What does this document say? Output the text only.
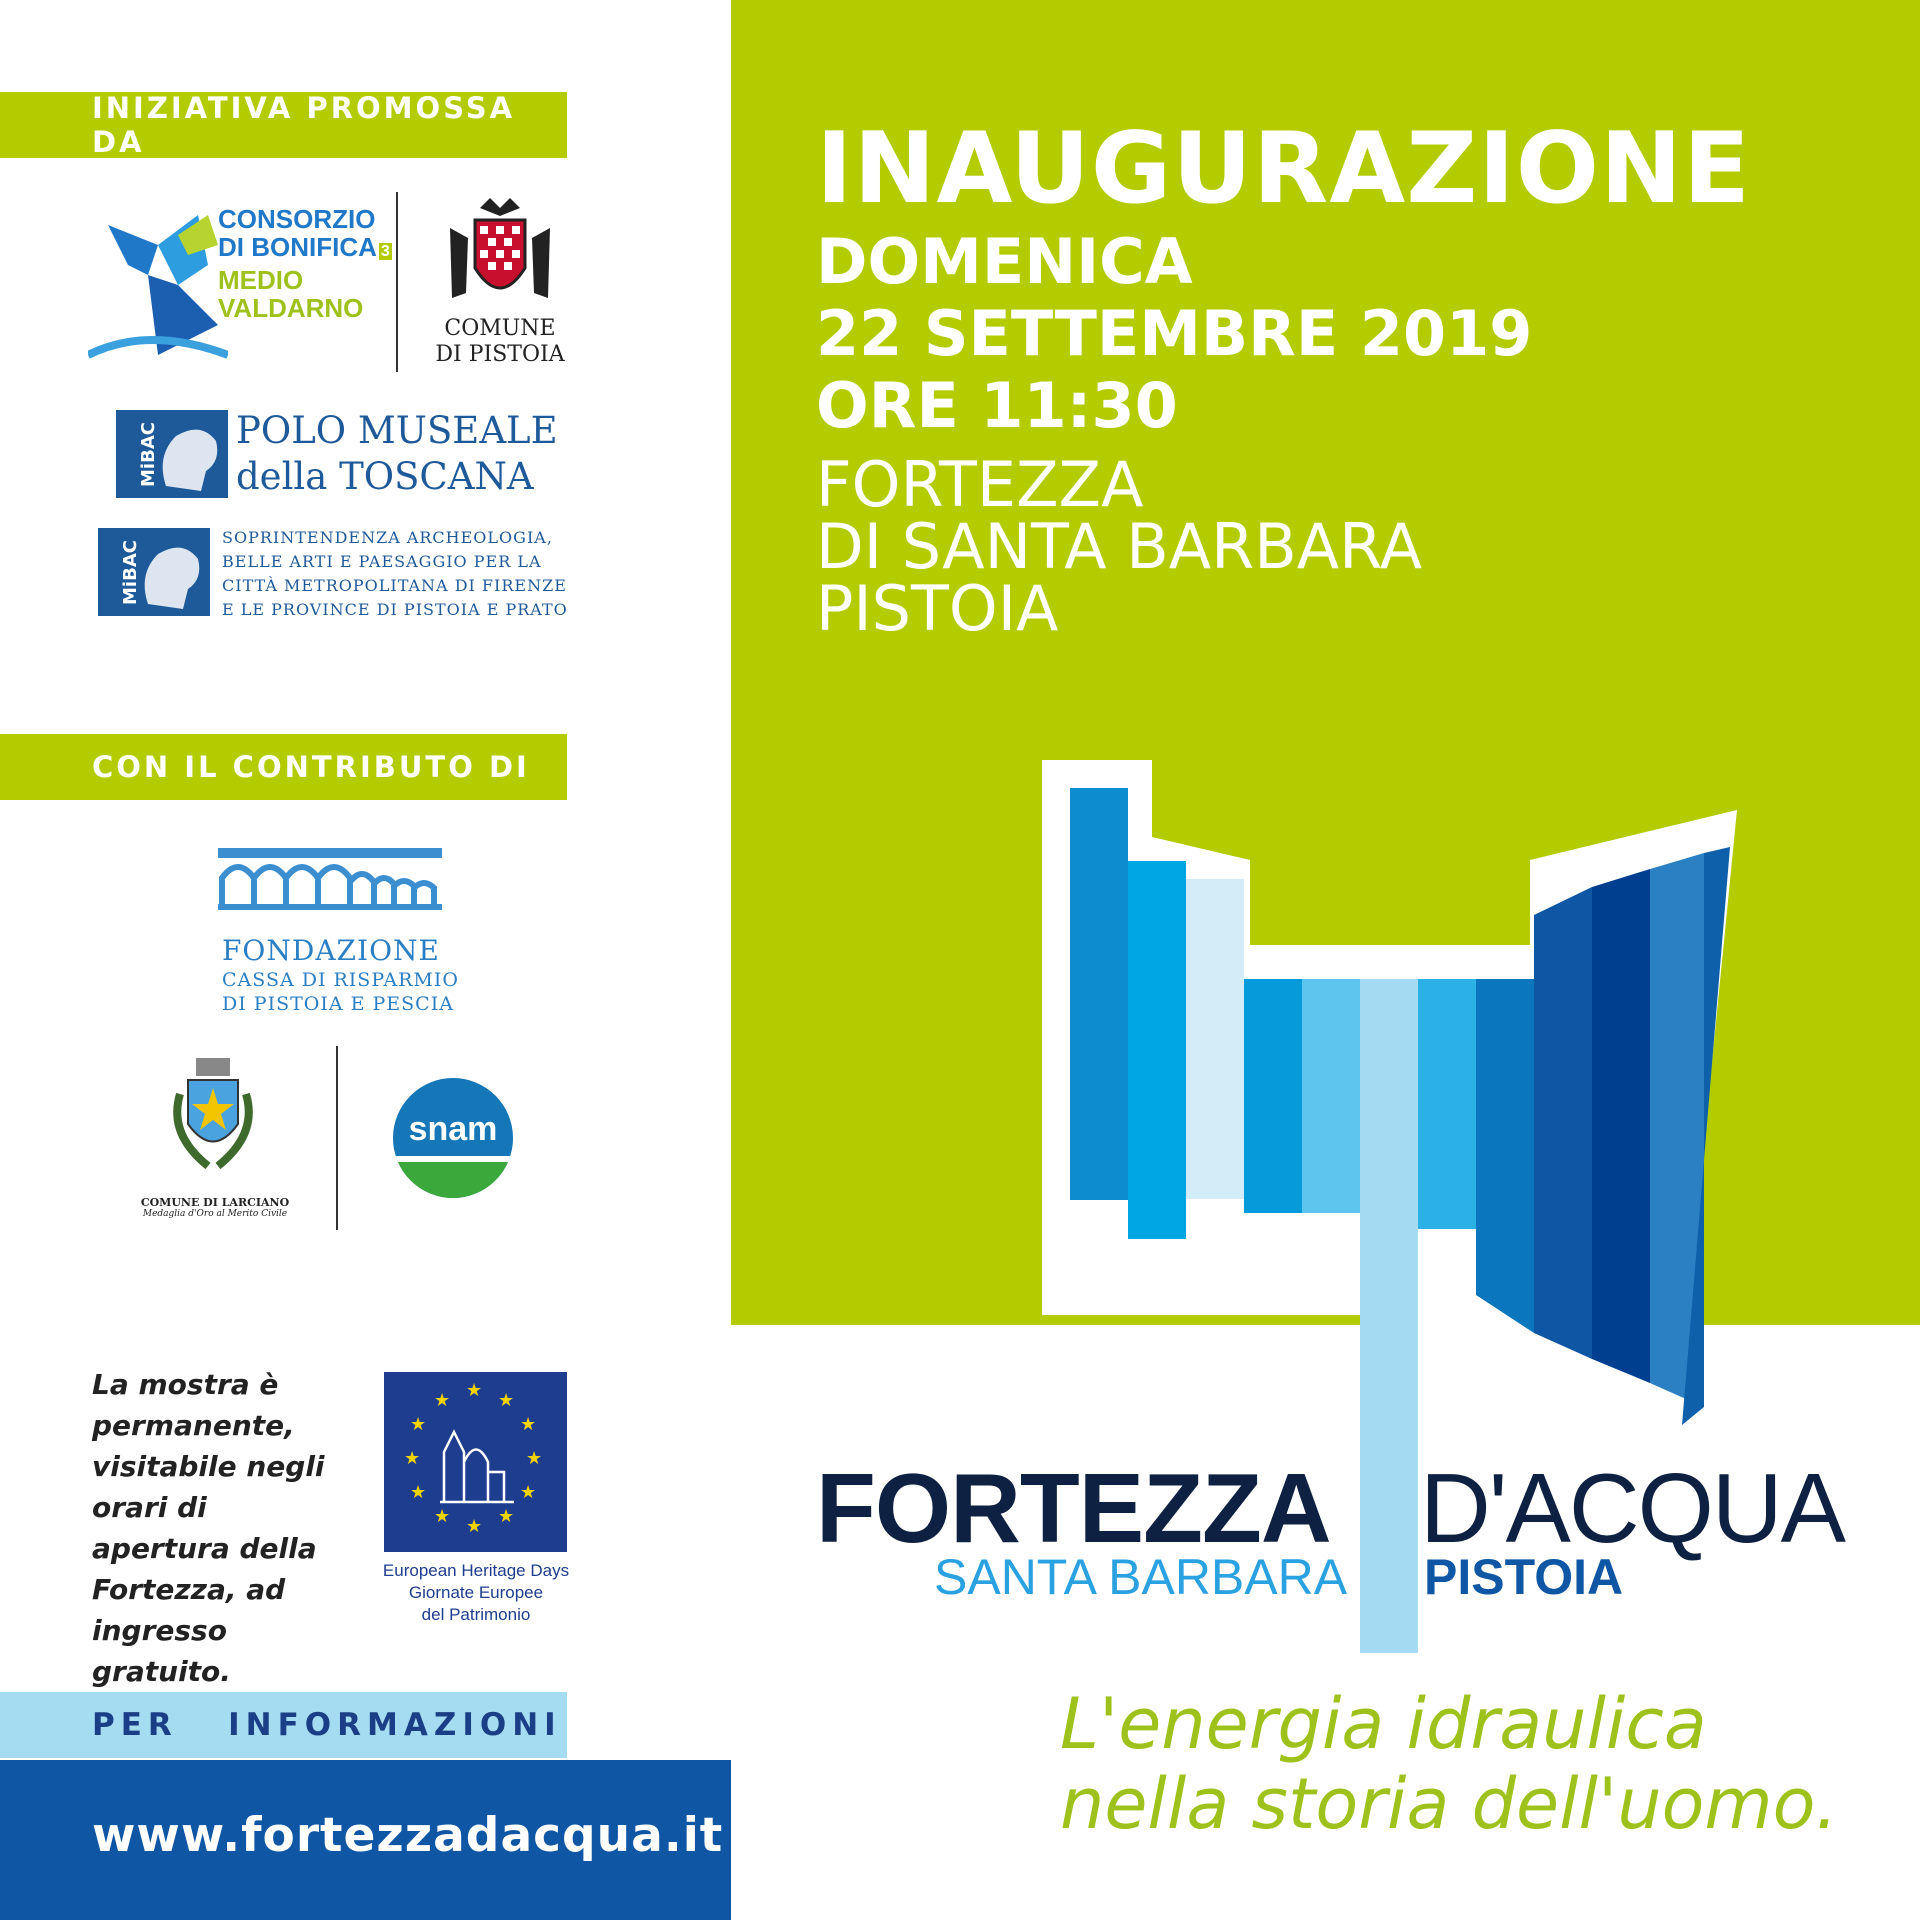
INIZIATIVA PROMOSSA DA
CONSORZIO
DI BONIFICA 3
MEDIO
VALDARNO
COMUNE
DI PISTOIA
MiBAC POLO MUSEALE
della TOSCANA
MiBAC
SOPRINTENDENZA ARCHEOLOGIA,
BELLE ARTI E PAESAGGIO PER LA
CITTÀ METROPOLITANA DI FIRENZE
E LE PROVINCE DI PISTOIA E PRATO
CON IL CONTRIBUTO DI
FONDAZIONE
CASSA DI RISPARMIO
DI PISTOIA E PESCIA
COMUNE DI LARCIANO
Medaglia d'Oro al Merito Civile
snam
La mostra è permanente, visitabile negli orari di apertura della Fortezza, ad ingresso gratuito.
★ ★
★
★
★
★
★
★
★
★
★
★
European Heritage Days
Giornate Europee
del Patrimonio
PER   INFORMAZIONI
www.fortezzadacqua.it
INAUGURAZIONE
DOMENICA
22 SETTEMBRE 2019
ORE 11:30
FORTEZZA
DI SANTA BARBARA
PISTOIA
FORTEZZA D'ACQUA
SANTA BARBARA PISTOIA
L'energia idraulica
nella storia dell'uomo.
